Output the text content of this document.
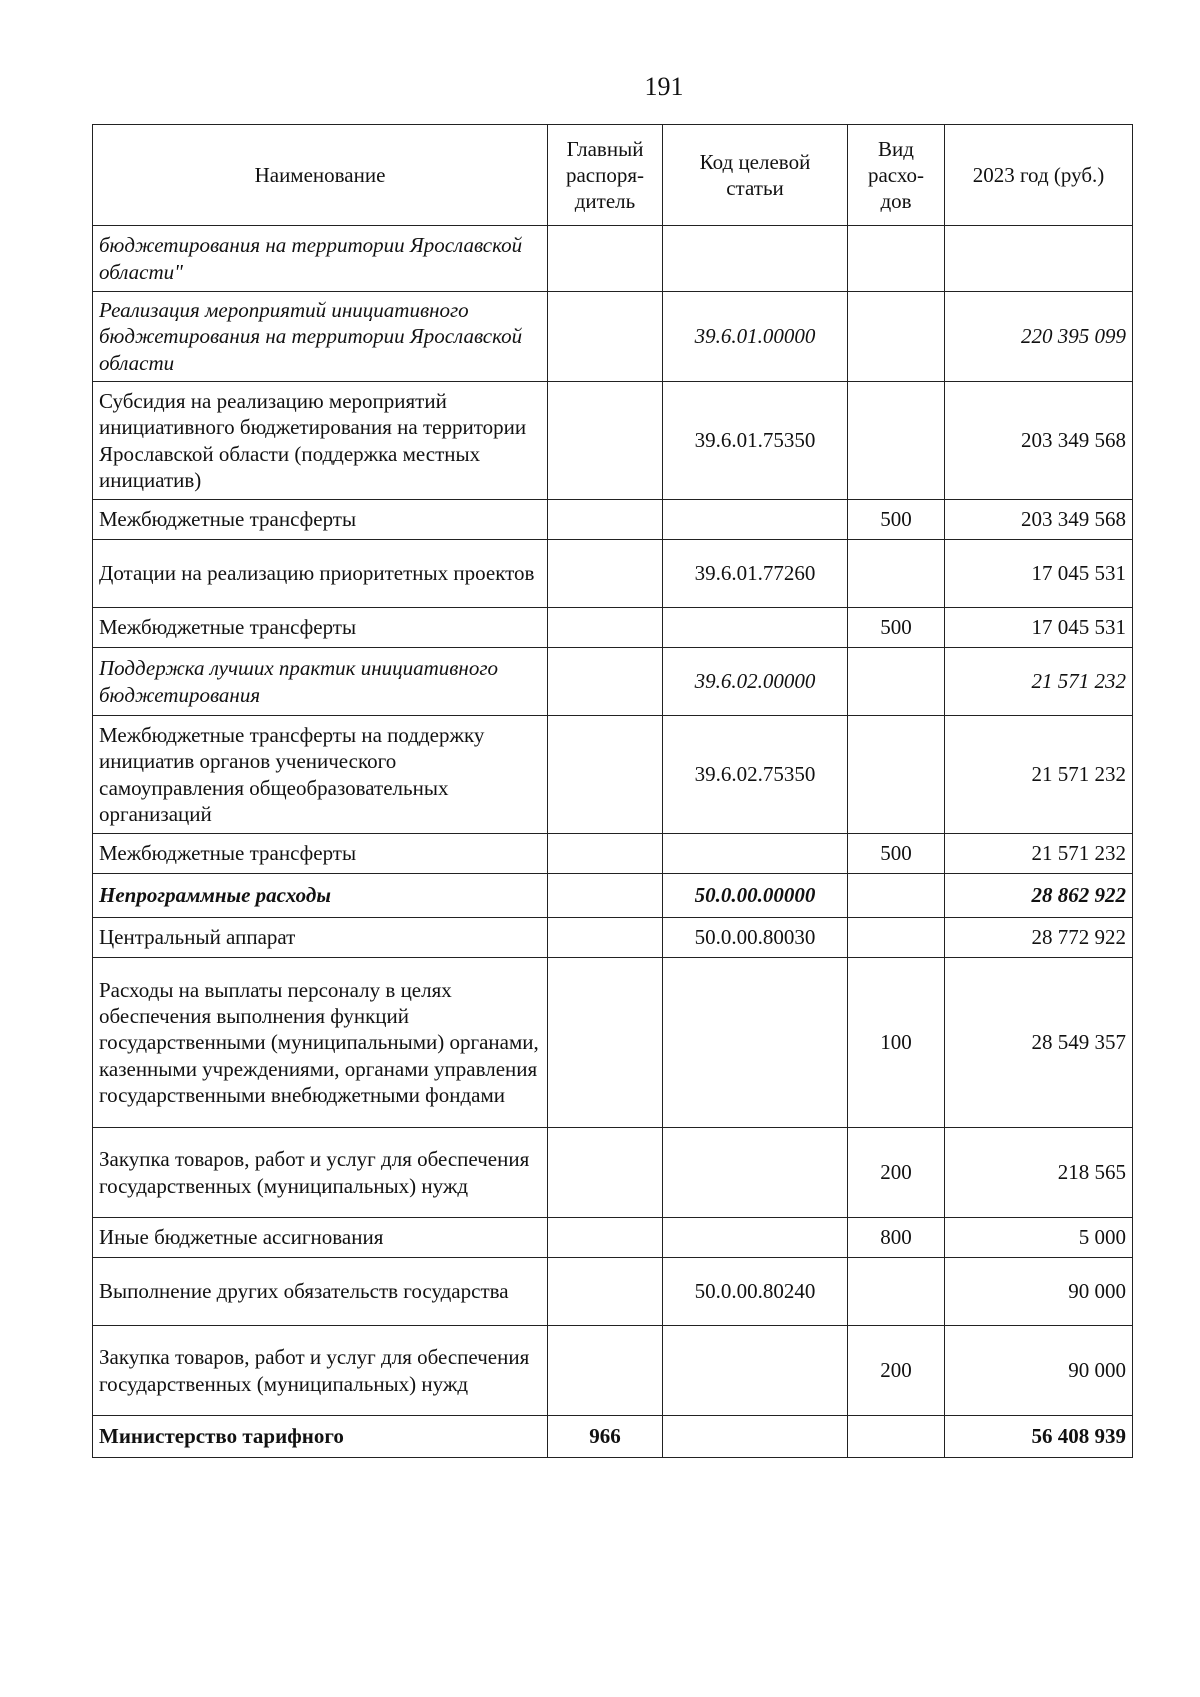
191
Наименование	Главный распоря-дитель	Код целевой статьи	Вид расхо-дов	2023 год (руб.)
бюджетирования на территории Ярославской области"				
Реализация мероприятий инициативного бюджетирования на территории Ярославской области		39.6.01.00000		220 395 099
Субсидия на реализацию мероприятий инициативного бюджетирования на территории Ярославской области (поддержка местных инициатив)		39.6.01.75350		203 349 568
Межбюджетные трансферты			500	203 349 568
Дотации на реализацию приоритетных проектов		39.6.01.77260		17 045 531
Межбюджетные трансферты			500	17 045 531
Поддержка лучших практик инициативного бюджетирования		39.6.02.00000		21 571 232
Межбюджетные трансферты на поддержку инициатив органов ученического самоуправления общеобразовательных организаций		39.6.02.75350		21 571 232
Межбюджетные трансферты			500	21 571 232
Непрограммные расходы		50.0.00.00000		28 862 922
Центральный аппарат		50.0.00.80030		28 772 922
Расходы на выплаты персоналу в целях обеспечения выполнения функций государственными (муниципальными) органами, казенными учреждениями, органами управления государственными внебюджетными фондами			100	28 549 357
Закупка товаров, работ и услуг для обеспечения государственных (муниципальных) нужд			200	218 565
Иные бюджетные ассигнования			800	5 000
Выполнение других обязательств государства		50.0.00.80240		90 000
Закупка товаров, работ и услуг для обеспечения государственных (муниципальных) нужд			200	90 000
Министерство тарифного	966			56 408 939
